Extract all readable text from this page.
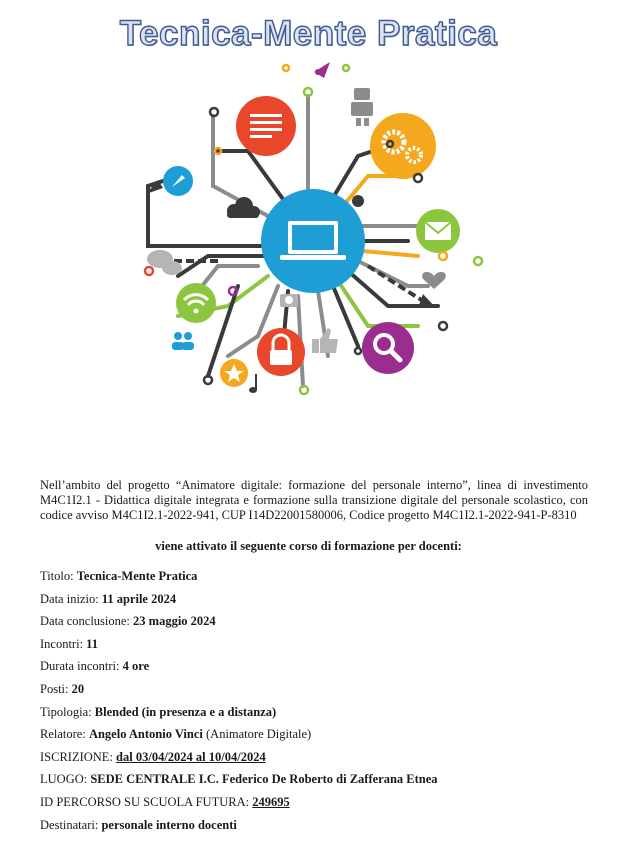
Tecnica-Mente Pratica

Nell’ambito del progetto “Animatore digitale: formazione del personale interno”, linea di investimento M4C1I2.1 - Didattica digitale integrata e formazione sulla transizione digitale del personale scolastico, con codice avviso M4C1I2.1-2022-941, CUP I14D22001580006, Codice progetto M4C1I2.1-2022-941-P-8310

viene attivato il seguente corso di formazione per docenti:

Titolo: Tecnica-Mente Pratica
Data inizio: 11 aprile 2024
Data conclusione: 23 maggio 2024
Incontri: 11
Durata incontri: 4 ore
Posti: 20
Tipologia: Blended (in presenza e a distanza)
Relatore: Angelo Antonio Vinci (Animatore Digitale)
ISCRIZIONE: dal 03/04/2024 al 10/04/2024
LUOGO: SEDE CENTRALE I.C. Federico De Roberto di Zafferana Etnea
ID PERCORSO SU SCUOLA FUTURA: 249695
Destinatari: personale interno docenti
